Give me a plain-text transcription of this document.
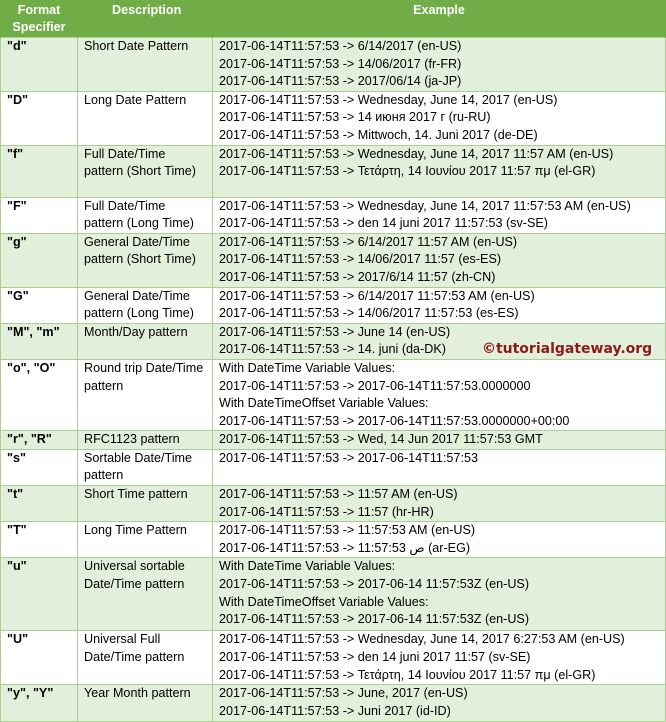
Format Specifier	Description	Example
"d"	Short Date Pattern	2017-06-14T11:57:53 -> 6/14/2017 (en-US)
2017-06-14T11:57:53 -> 14/06/2017 (fr-FR)
2017-06-14T11:57:53 -> 2017/06/14 (ja-JP)

"D"	Long Date Pattern	2017-06-14T11:57:53 -> Wednesday, June 14, 2017 (en-US)
2017-06-14T11:57:53 -> 14 июня 2017 г (ru-RU)
2017-06-14T11:57:53 -> Mittwoch, 14. Juni 2017 (de-DE)

"f"	Full Date/Time pattern (Short Time)	2017-06-14T11:57:53 -> Wednesday, June 14, 2017 11:57 AM (en-US)
2017-06-14T11:57:53 -> Τετάρτη, 14 Ιουνίου 2017 11:57 πμ (el-GR)

"F"	Full Date/Time pattern (Long Time)	2017-06-14T11:57:53 -> Wednesday, June 14, 2017 11:57:53 AM (en-US)
2017-06-14T11:57:53 -> den 14 juni 2017 11:57:53 (sv-SE)

"g"	General Date/Time pattern (Short Time)	2017-06-14T11:57:53 -> 6/14/2017 11:57 AM (en-US)
2017-06-14T11:57:53 -> 14/06/2017 11:57 (es-ES)
2017-06-14T11:57:53 -> 2017/6/14 11:57 (zh-CN)

"G"	General Date/Time pattern (Long Time)	2017-06-14T11:57:53 -> 6/14/2017 11:57:53 AM (en-US)
2017-06-14T11:57:53 -> 14/06/2017 11:57:53 (es-ES)

"M", "m"	Month/Day pattern	2017-06-14T11:57:53 -> June 14 (en-US)
2017-06-14T11:57:53 -> 14. juni (da-DK) ©tutorialgateway.org

"o", "O"	Round trip Date/Time pattern	With DateTime Variable Values:
2017-06-14T11:57:53 -> 2017-06-14T11:57:53.0000000
With DateTimeOffset Variable Values:
2017-06-14T11:57:53 -> 2017-06-14T11:57:53.0000000+00:00

"r", "R"	RFC1123 pattern	2017-06-14T11:57:53 -> Wed, 14 Jun 2017 11:57:53 GMT

"s"	Sortable Date/Time pattern	2017-06-14T11:57:53 -> 2017-06-14T11:57:53

"t"	Short Time pattern	2017-06-14T11:57:53 -> 11:57 AM (en-US)
2017-06-14T11:57:53 -> 11:57 (hr-HR)

"T"	Long Time Pattern	2017-06-14T11:57:53 -> 11:57:53 AM (en-US)
2017-06-14T11:57:53 -> 11:57:53 ص (ar-EG)

"u"	Universal sortable Date/Time pattern	With DateTime Variable Values:
2017-06-14T11:57:53 -> 2017-06-14 11:57:53Z (en-US)
With DateTimeOffset Variable Values:
2017-06-14T11:57:53 -> 2017-06-14 11:57:53Z (en-US)

"U"	Universal Full Date/Time pattern	2017-06-14T11:57:53 -> Wednesday, June 14, 2017 6:27:53 AM (en-US)
2017-06-14T11:57:53 -> den 14 juni 2017 11:57 (sv-SE)
2017-06-14T11:57:53 -> Τετάρτη, 14 Ιουνίου 2017 11:57 πμ (el-GR)

"y", "Y"	Year Month pattern	2017-06-14T11:57:53 -> June, 2017 (en-US)
2017-06-14T11:57:53 -> Juni 2017 (id-ID)
